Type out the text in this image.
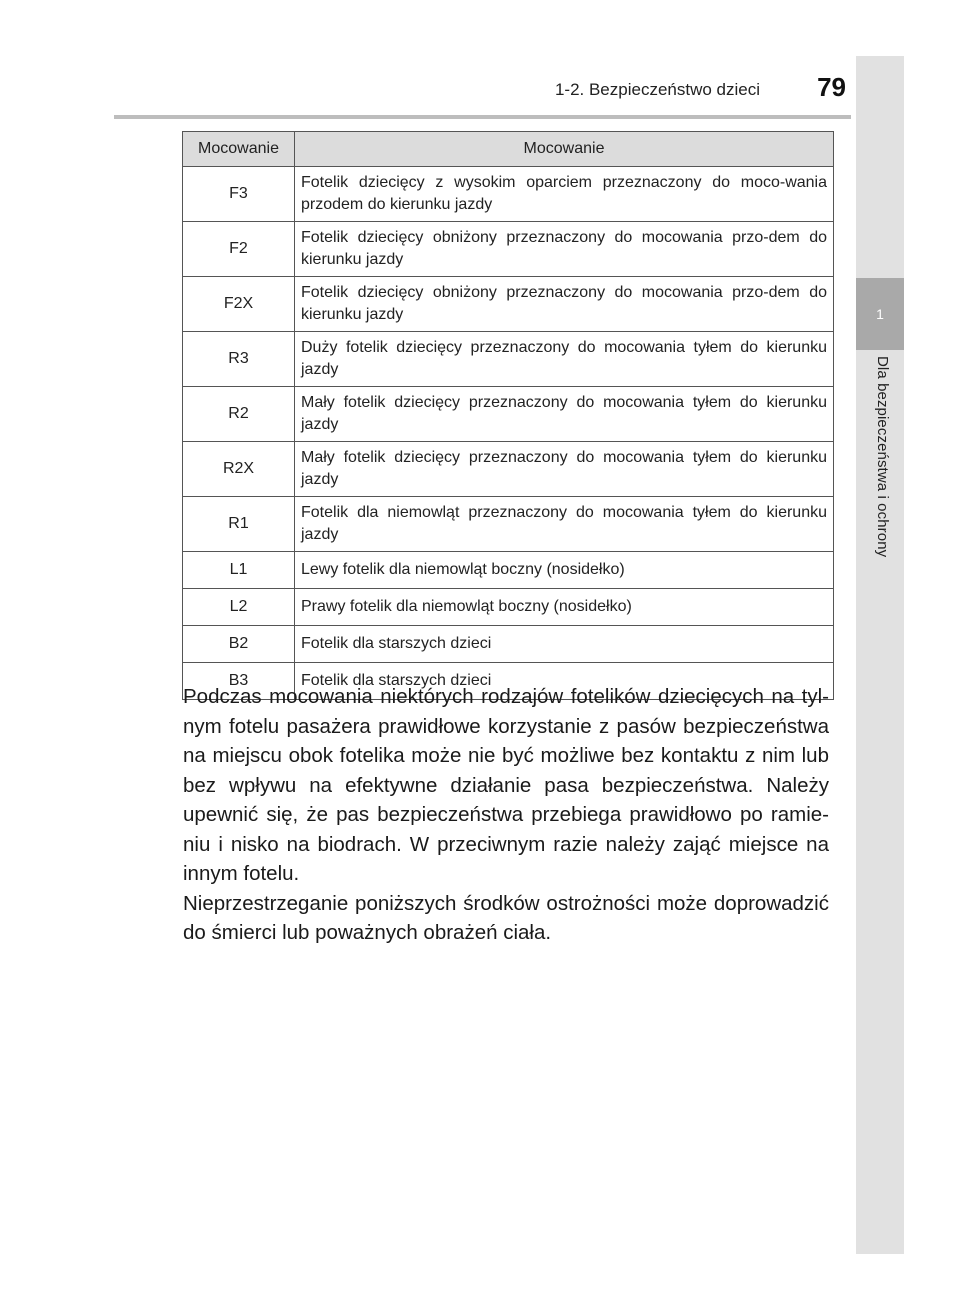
1-2. Bezpieczeństwo dzieci	79
1
Dla bezpieczeństwa i ochrony
Mocowanie	Mocowanie
F3	Fotelik dziecięcy z wysokim oparciem przeznaczony do moco-wania przodem do kierunku jazdy
F2	Fotelik dziecięcy obniżony przeznaczony do mocowania przo-dem do kierunku jazdy
F2X	Fotelik dziecięcy obniżony przeznaczony do mocowania przo-dem do kierunku jazdy
R3	Duży fotelik dziecięcy przeznaczony do mocowania tyłem do kierunku jazdy
R2	Mały fotelik dziecięcy przeznaczony do mocowania tyłem do kierunku jazdy
R2X	Mały fotelik dziecięcy przeznaczony do mocowania tyłem do kierunku jazdy
R1	Fotelik dla niemowląt przeznaczony do mocowania tyłem do kierunku jazdy
L1	Lewy fotelik dla niemowląt boczny (nosidełko)
L2	Prawy fotelik dla niemowląt boczny (nosidełko)
B2	Fotelik dla starszych dzieci
B3	Fotelik dla starszych dzieci

Podczas mocowania niektórych rodzajów fotelików dziecięcych na tyl-nym fotelu pasażera prawidłowe korzystanie z pasów bezpieczeństwa na miejscu obok fotelika może nie być możliwe bez kontaktu z nim lub bez wpływu na efektywne działanie pasa bezpieczeństwa. Należy upewnić się, że pas bezpieczeństwa przebiega prawidłowo po ramie-niu i nisko na biodrach. W przeciwnym razie należy zająć miejsce na innym fotelu.

Nieprzestrzeganie poniższych środków ostrożności może doprowadzić do śmierci lub poważnych obrażeń ciała.
